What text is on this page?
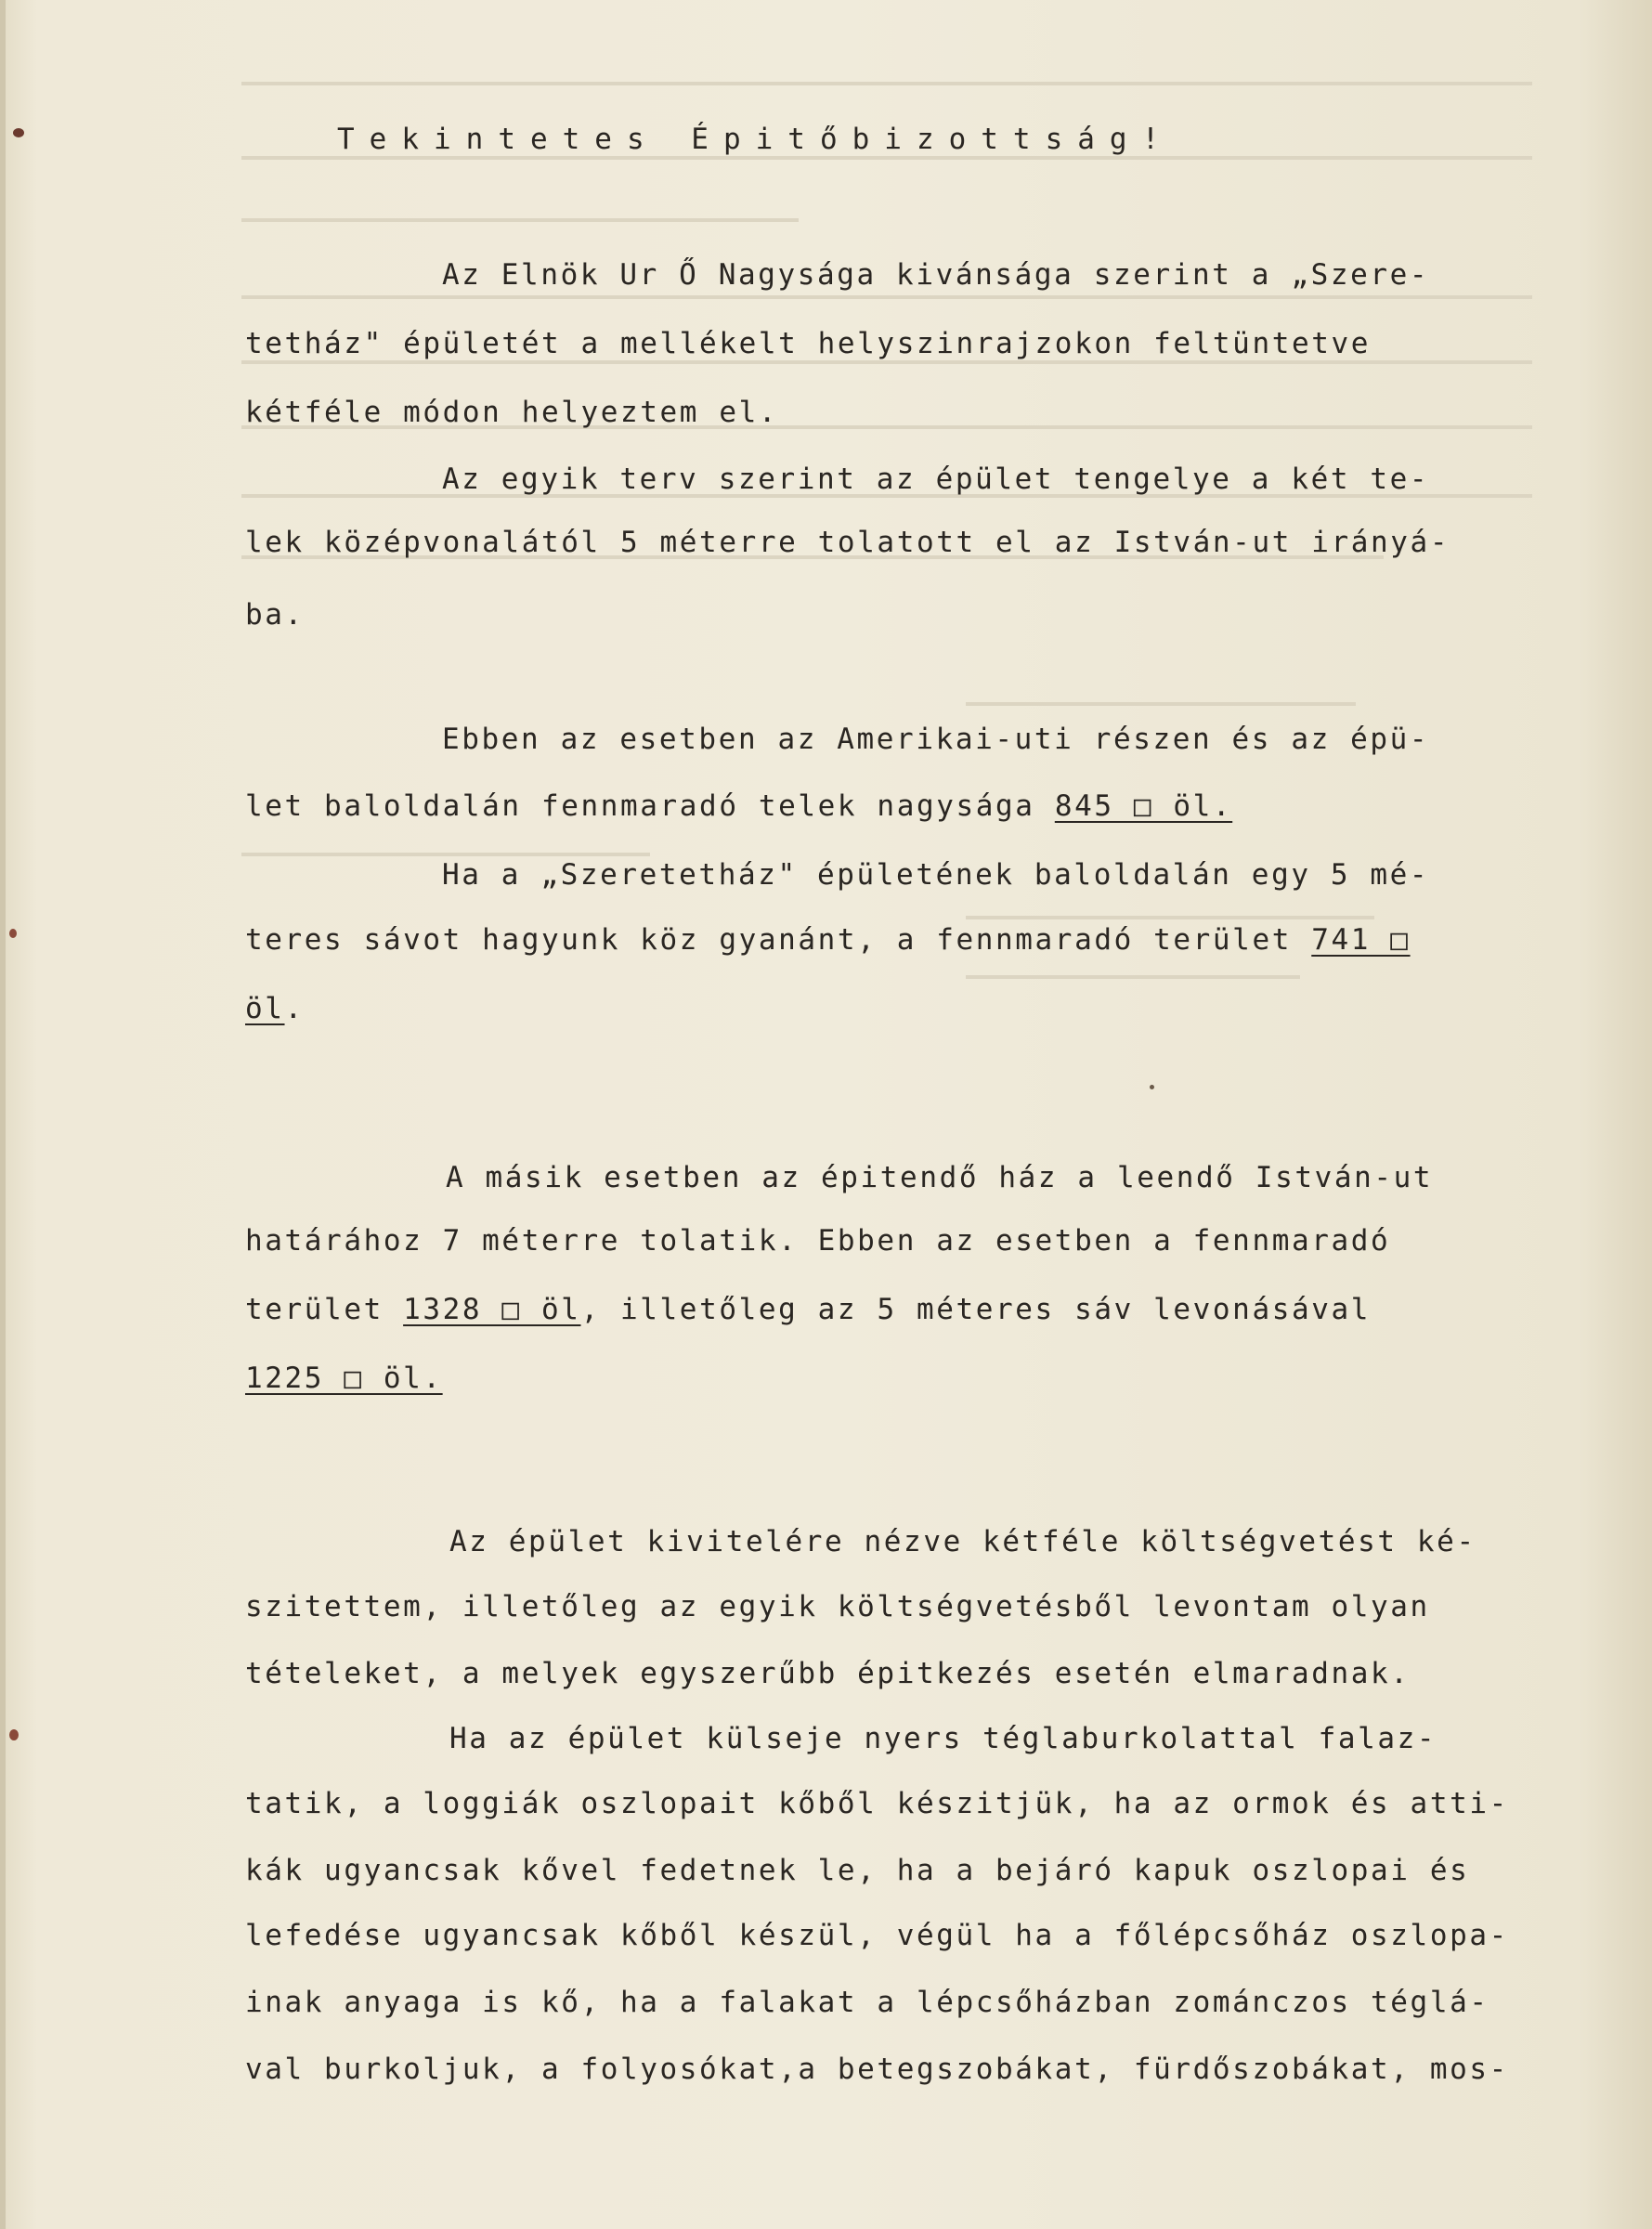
Tekintetes Épitőbizottság!
Az Elnök Ur Ő Nagysága kivánsága szerint a „Szere-
tetház" épületét a mellékelt helyszinrajzokon feltüntetve
kétféle módon helyeztem el.
Az egyik terv szerint az épület tengelye a két te-
lek középvonalától 5 méterre tolatott el az István-ut irányá-
ba.
Ebben az esetben az Amerikai-uti részen és az épü-
let baloldalán fennmaradó telek nagysága 845 □ öl.
Ha a „Szeretetház" épületének baloldalán egy 5 mé-
teres sávot hagyunk köz gyanánt, a fennmaradó terület 741 □
öl.
A másik esetben az épitendő ház a leendő István-ut
határához 7 méterre tolatik. Ebben az esetben a fennmaradó
terület 1328 □ öl, illetőleg az 5 méteres sáv levonásával
1225 □ öl.
Az épület kivitelére nézve kétféle költségvetést ké-
szitettem, illetőleg az egyik költségvetésből levontam olyan
tételeket, a melyek egyszerűbb épitkezés esetén elmaradnak.
Ha az épület külseje nyers téglaburkolattal falaz-
tatik, a loggiák oszlopait kőből készitjük, ha az ormok és atti-
kák ugyancsak kővel fedetnek le, ha a bejáró kapuk oszlopai és
lefedése ugyancsak kőből készül, végül ha a főlépcsőház oszlopa-
inak anyaga is kő, ha a falakat a lépcsőházban zománczos téglá-
val burkoljuk, a folyosókat,a betegszobákat, fürdőszobákat, mos-
